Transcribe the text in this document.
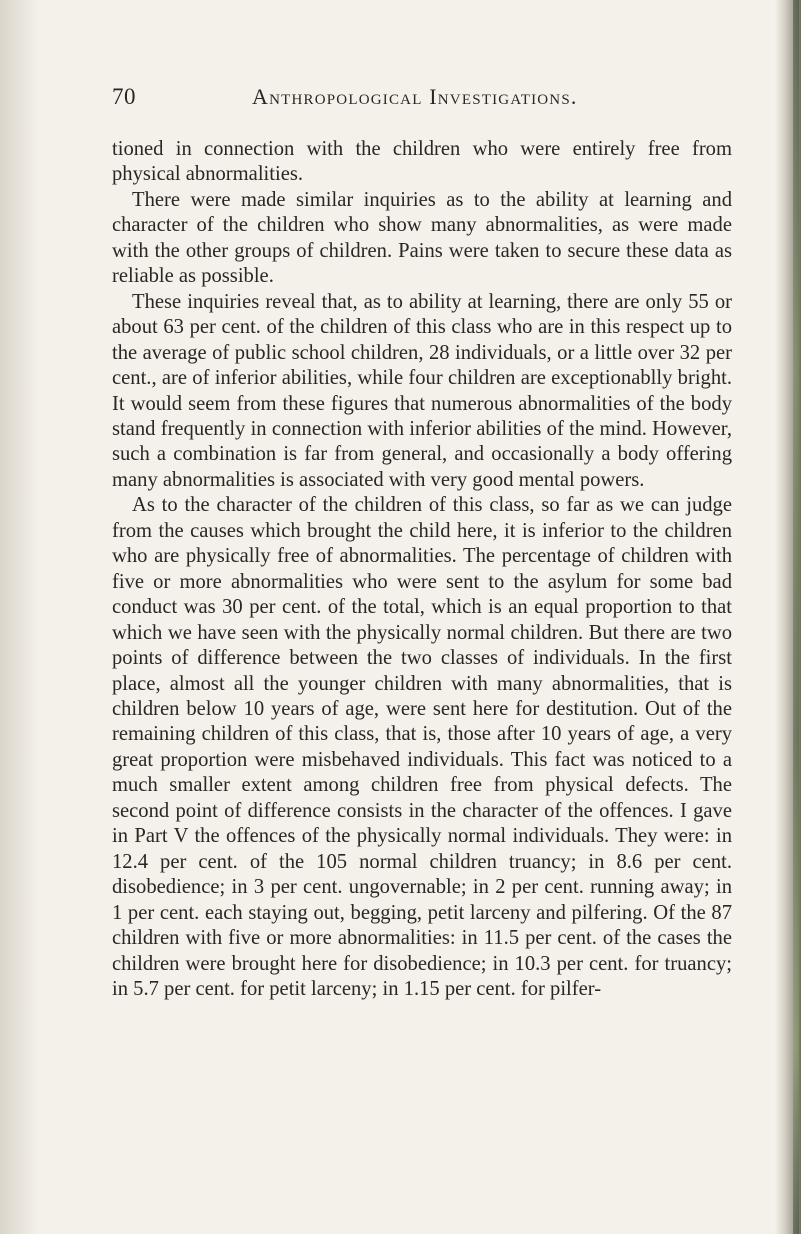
70	Anthropological Investigations.

tioned in connection with the children who were entirely free from physical abnormalities.

There were made similar inquiries as to the ability at learning and character of the children who show many abnormalities, as were made with the other groups of children. Pains were taken to secure these data as reliable as possible.

These inquiries reveal that, as to ability at learning, there are only 55 or about 63 per cent. of the children of this class who are in this respect up to the average of public school children, 28 individuals, or a little over 32 per cent., are of inferior abilities, while four children are exceptionablly bright. It would seem from these figures that numerous abnormalities of the body stand frequently in connection with inferior abilities of the mind. However, such a combination is far from general, and occasionally a body offering many abnormalities is associated with very good mental powers.

As to the character of the children of this class, so far as we can judge from the causes which brought the child here, it is inferior to the children who are physically free of abnormalities. The percentage of children with five or more abnormalities who were sent to the asylum for some bad conduct was 30 per cent. of the total, which is an equal proportion to that which we have seen with the physically normal children. But there are two points of difference between the two classes of individuals. In the first place, almost all the younger children with many abnormalities, that is children below 10 years of age, were sent here for destitution. Out of the remaining children of this class, that is, those after 10 years of age, a very great proportion were misbehaved individuals. This fact was noticed to a much smaller extent among children free from physical defects. The second point of difference consists in the character of the offences. I gave in Part V the offences of the physically normal individuals. They were: in 12.4 per cent. of the 105 normal children truancy; in 8.6 per cent. disobedience; in 3 per cent. ungovernable; in 2 per cent. running away; in 1 per cent. each staying out, begging, petit larceny and pilfering. Of the 87 children with five or more abnormalities: in 11.5 per cent. of the cases the children were brought here for disobedience; in 10.3 per cent. for truancy; in 5.7 per cent. for petit larceny; in 1.15 per cent. for pilfer-
